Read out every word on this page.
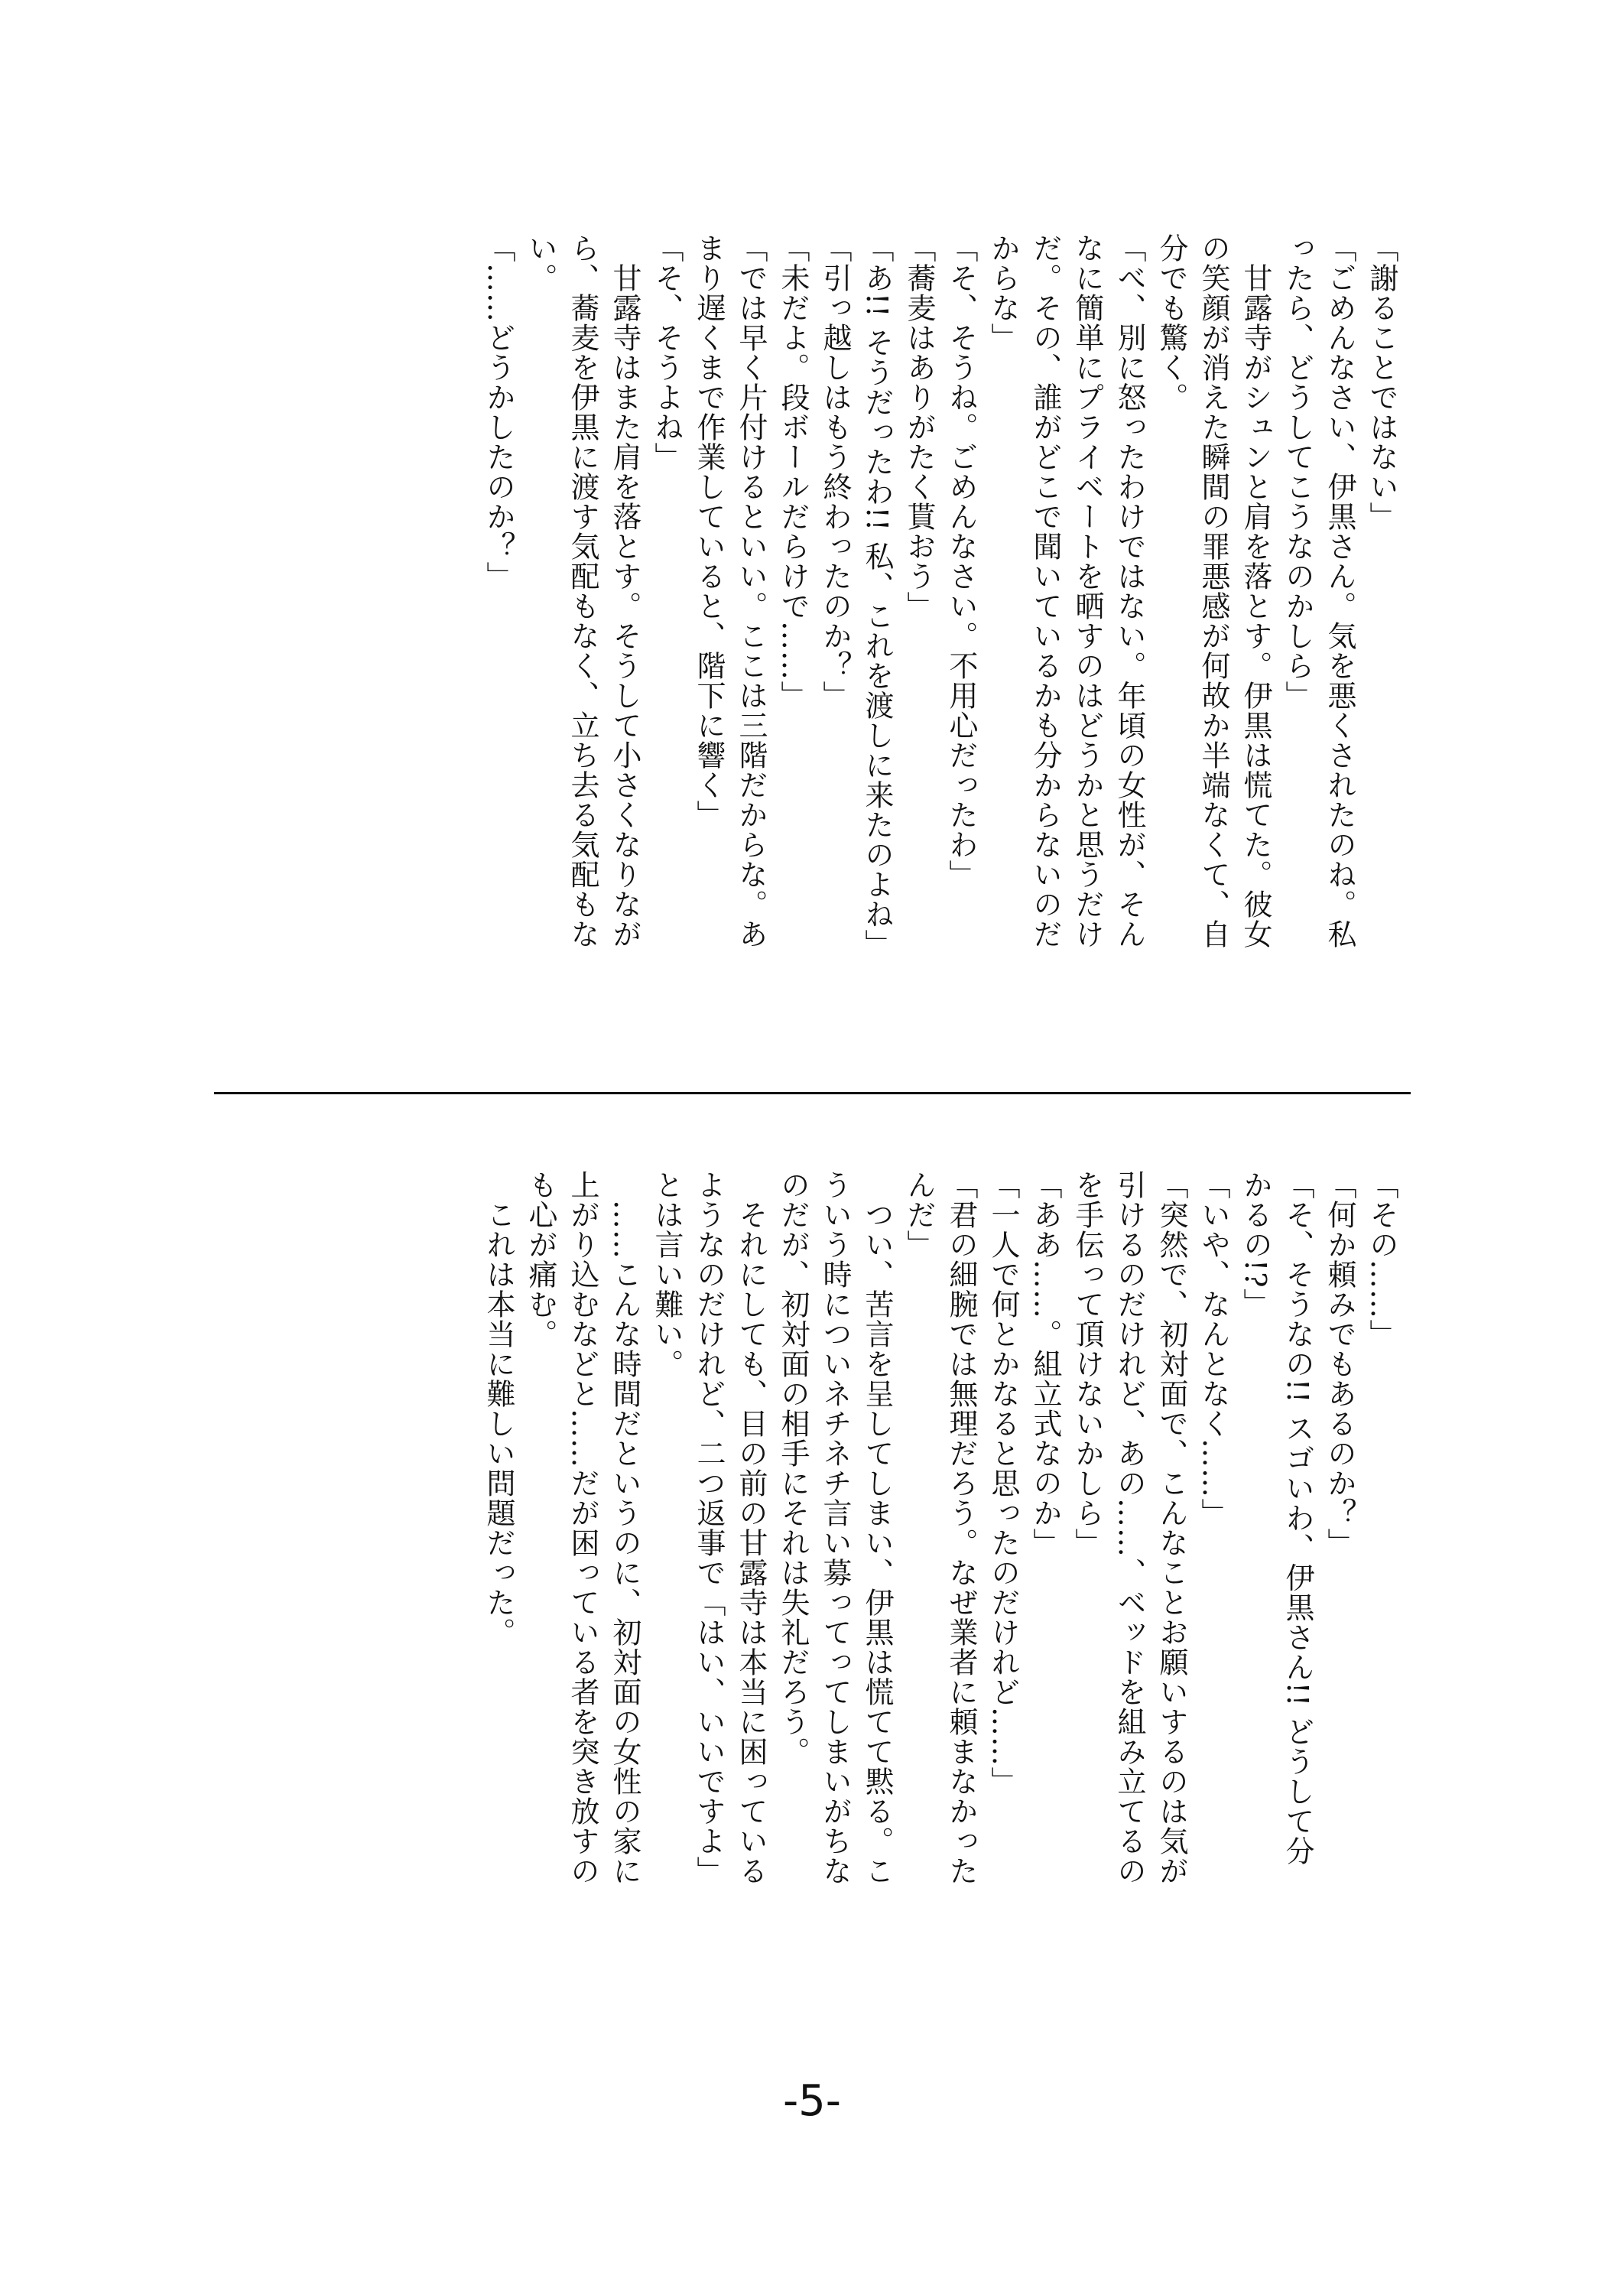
「謝ることではない」
「ごめんなさい、伊黒さん。気を悪くされたのね。私
ったら、どうしてこうなのかしら」
　甘露寺がシュンと肩を落とす。伊黒は慌てた。彼女
の笑顔が消えた瞬間の罪悪感が何故か半端なくて、自
分でも驚く。
「べ、別に怒ったわけではない。年頃の女性が、そん
なに簡単にプライベートを晒すのはどうかと思うだけ
だ。その、誰がどこで聞いているかも分からないのだ
からな」
「そ、そうね。ごめんなさい。不用心だったわ」
「蕎麦はありがたく貰おう」
「あ!! そうだったわ!! 私、これを渡しに来たのよね」
「引っ越しはもう終わったのか？」
「未だよ。段ボールだらけで……」
「では早く片付けるといい。ここは三階だからな。あ
まり遅くまで作業していると、階下に響く」
「そ、そうよね」
　甘露寺はまた肩を落とす。そうして小さくなりなが
ら、蕎麦を伊黒に渡す気配もなく、立ち去る気配もな
い。
「……どうかしたのか？」
「その……」
「何か頼みでもあるのか？」
「そ、そうなの!! スゴいわ、伊黒さん!! どうして分
かるの!?」
「いや、なんとなく……」
「突然で、初対面で、こんなことお願いするのは気が
引けるのだけれど、あの……、ベッドを組み立てるの
を手伝って頂けないかしら」
「ああ……。組立式なのか」
「一人で何とかなると思ったのだけれど……」
「君の細腕では無理だろう。なぜ業者に頼まなかった
んだ」
　つい、苦言を呈してしまい、伊黒は慌てて黙る。こ
ういう時についネチネチ言い募ってってしまいがちな
のだが、初対面の相手にそれは失礼だろう。
　それにしても、目の前の甘露寺は本当に困っている
ようなのだけれど、二つ返事で「はい、いいですよ」
とは言い難い。
　……こんな時間だというのに、初対面の女性の家に
上がり込むなどと……だが困っている者を突き放すの
も心が痛む。
　これは本当に難しい問題だった。
-5-
